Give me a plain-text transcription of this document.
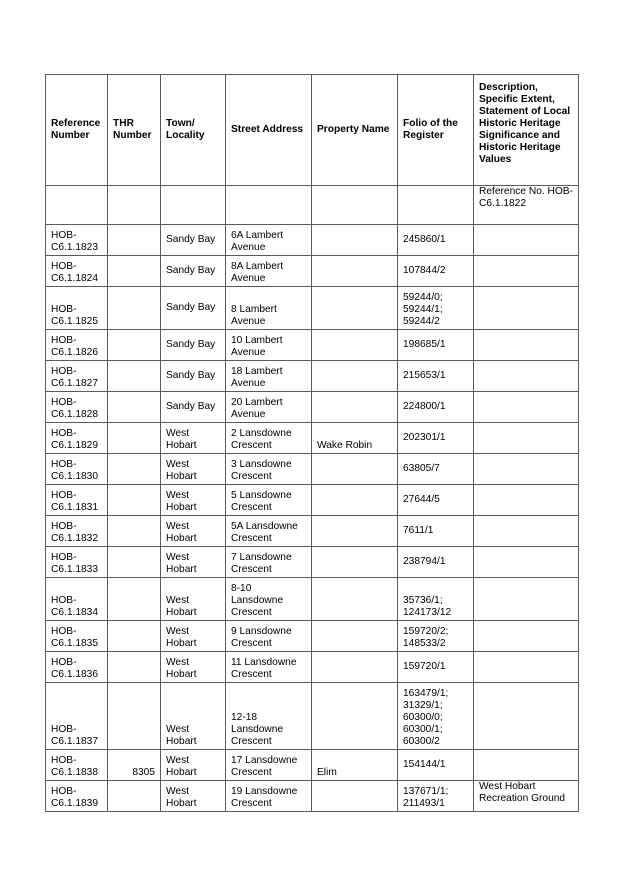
Reference Number	THR Number	Town/ Locality	Street Address	Property Name	Folio of the Register	Description, Specific Extent, Statement of Local Historic Heritage Significance and Historic Heritage Values
						Reference No. HOB-C6.1.1822

HOB-
C6.1.1823		Sandy Bay	6A Lambert
Avenue		245860/1	

HOB-
C6.1.1824		Sandy Bay	8A Lambert
Avenue		107844/2	

HOB-
C6.1.1825		Sandy Bay	8 Lambert
Avenue		59244/0;
59244/1;
59244/2	

HOB-
C6.1.1826		Sandy Bay	10 Lambert
Avenue		198685/1	

HOB-
C6.1.1827		Sandy Bay	18 Lambert
Avenue		215653/1	

HOB-
C6.1.1828		Sandy Bay	20 Lambert
Avenue		224800/1	

HOB-
C6.1.1829		West
Hobart	2 Lansdowne
Crescent	Wake Robin	202301/1	

HOB-
C6.1.1830		West
Hobart	3 Lansdowne
Crescent		63805/7	

HOB-
C6.1.1831		West
Hobart	5 Lansdowne
Crescent		27644/5	

HOB-
C6.1.1832		West
Hobart	5A Lansdowne
Crescent		7611/1	

HOB-
C6.1.1833		West
Hobart	7 Lansdowne
Crescent		238794/1	

HOB-
C6.1.1834		West
Hobart	8-10
Lansdowne
Crescent		35736/1;
124173/12	

HOB-
C6.1.1835		West
Hobart	9 Lansdowne
Crescent		159720/2;
148533/2	

HOB-
C6.1.1836		West
Hobart	11 Lansdowne
Crescent		159720/1	

HOB-
C6.1.1837		West
Hobart	12-18
Lansdowne
Crescent		163479/1;
31329/1;
60300/0;
60300/1;
60300/2	

HOB-
C6.1.1838	8305	West
Hobart	17 Lansdowne
Crescent	Elim	154144/1	

HOB-
C6.1.1839		West
Hobart	19 Lansdowne
Crescent		137671/1;
211493/1	West Hobart
Recreation Ground
